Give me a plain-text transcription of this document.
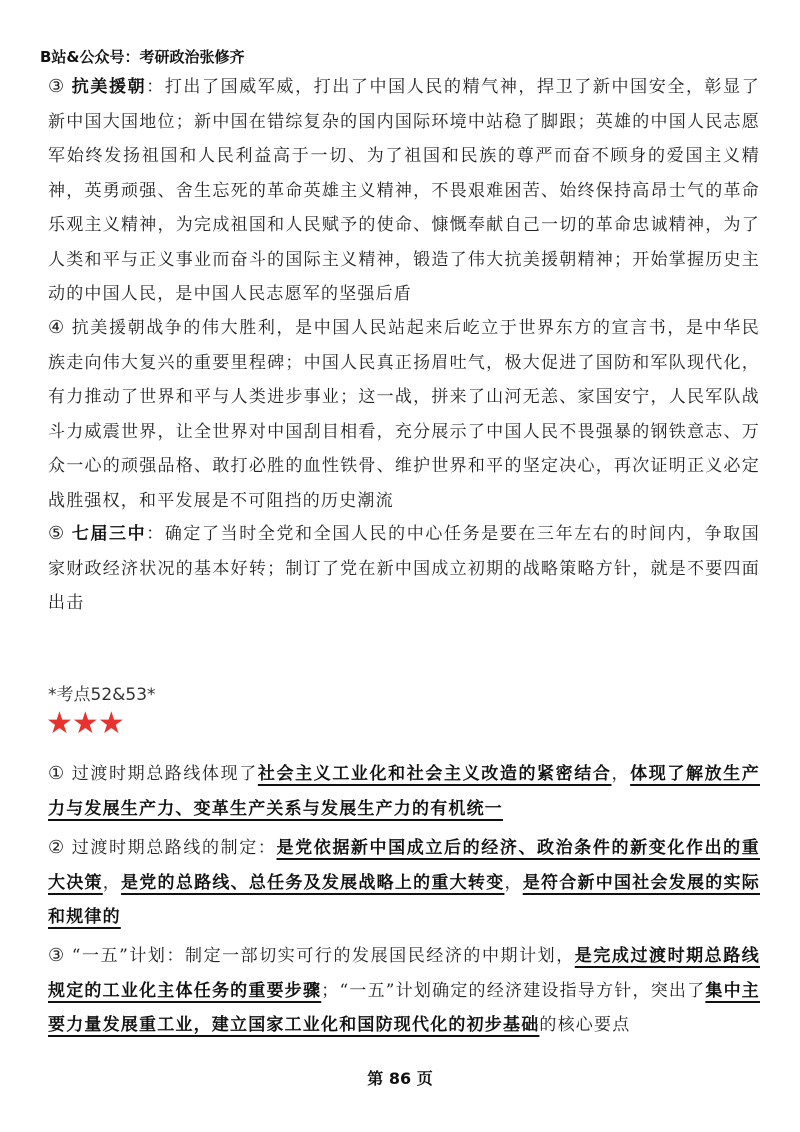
B站&公众号：考研政治张修齐
③ 抗美援朝：打出了国威军威，打出了中国人民的精气神，捍卫了新中国安全，彰显了新中国大国地位；新中国在错综复杂的国内国际环境中站稳了脚跟；英雄的中国人民志愿军始终发扬祖国和人民利益高于一切、为了祖国和民族的尊严而奋不顾身的爱国主义精神，英勇顽强、舍生忘死的革命英雄主义精神，不畏艰难困苦、始终保持高昂士气的革命乐观主义精神，为完成祖国和人民赋予的使命、慷慨奉献自己一切的革命忠诚精神，为了人类和平与正义事业而奋斗的国际主义精神，锻造了伟大抗美援朝精神；开始掌握历史主动的中国人民，是中国人民志愿军的坚强后盾
④ 抗美援朝战争的伟大胜利，是中国人民站起来后屹立于世界东方的宣言书，是中华民族走向伟大复兴的重要里程碑；中国人民真正扬眉吐气，极大促进了国防和军队现代化，有力推动了世界和平与人类进步事业；这一战，拼来了山河无恙、家国安宁，人民军队战斗力威震世界，让全世界对中国刮目相看，充分展示了中国人民不畏强暴的钢铁意志、万众一心的顽强品格、敢打必胜的血性铁骨、维护世界和平的坚定决心，再次证明正义必定战胜强权，和平发展是不可阻挡的历史潮流
⑤ 七届三中：确定了当时全党和全国人民的中心任务是要在三年左右的时间内，争取国家财政经济状况的基本好转；制订了党在新中国成立初期的战略策略方针，就是不要四面出击
*考点52&53*
★★★
① 过渡时期总路线体现了社会主义工业化和社会主义改造的紧密结合，体现了解放生产力与发展生产力、变革生产关系与发展生产力的有机统一
② 过渡时期总路线的制定：是党依据新中国成立后的经济、政治条件的新变化作出的重大决策，是党的总路线、总任务及发展战略上的重大转变，是符合新中国社会发展的实际和规律的
③ “一五”计划：制定一部切实可行的发展国民经济的中期计划，是完成过渡时期总路线规定的工业化主体任务的重要步骤；“一五”计划确定的经济建设指导方针，突出了集中主要力量发展重工业，建立国家工业化和国防现代化的初步基础的核心要点
第 86 页
